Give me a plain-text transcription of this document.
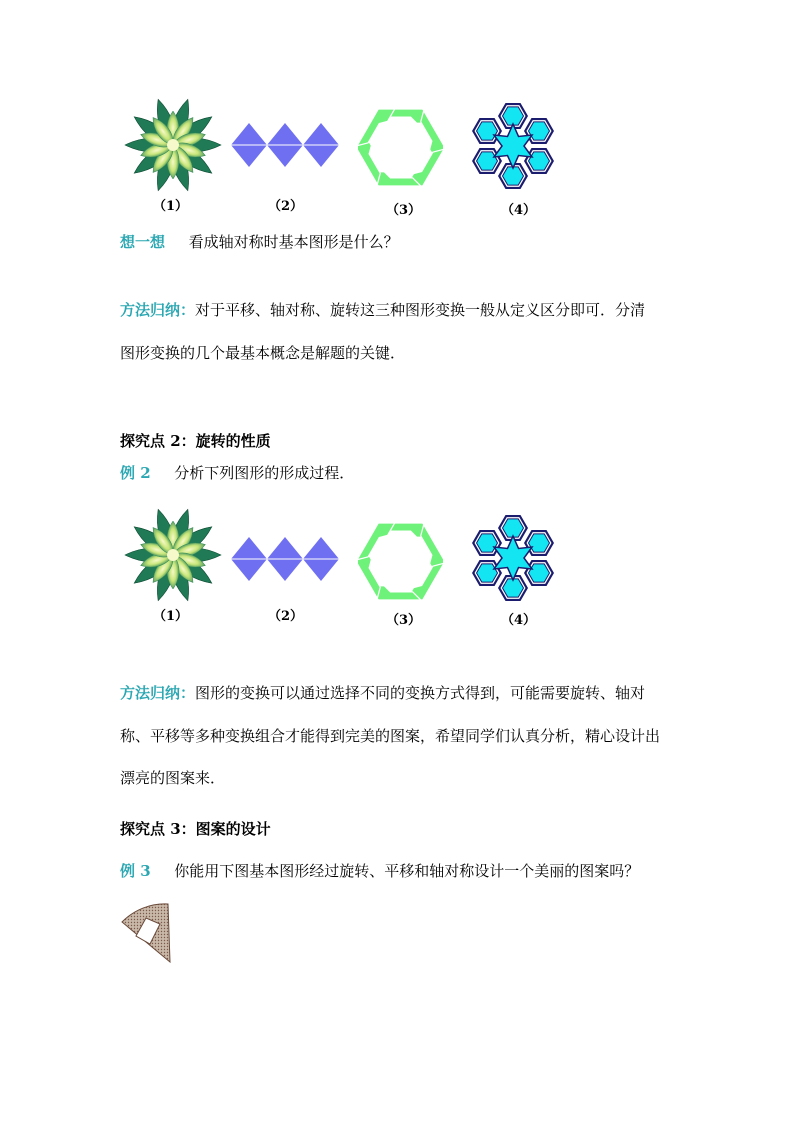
（1）	（2）	（3）	（4）
想一想 看成轴对称时基本图形是什么？
方法归纳：对于平移、轴对称、旋转这三种图形变换一般从定义区分即可．分清
图形变换的几个最基本概念是解题的关键．
探究点 2：旋转的性质
例 2 分析下列图形的形成过程．
（1）	（2）	（3）	（4）
方法归纳：图形的变换可以通过选择不同的变换方式得到，可能需要旋转、轴对
称、平移等多种变换组合才能得到完美的图案，希望同学们认真分析，精心设计出
漂亮的图案来．
探究点 3：图案的设计
例 3 你能用下图基本图形经过旋转、平移和轴对称设计一个美丽的图案吗？
